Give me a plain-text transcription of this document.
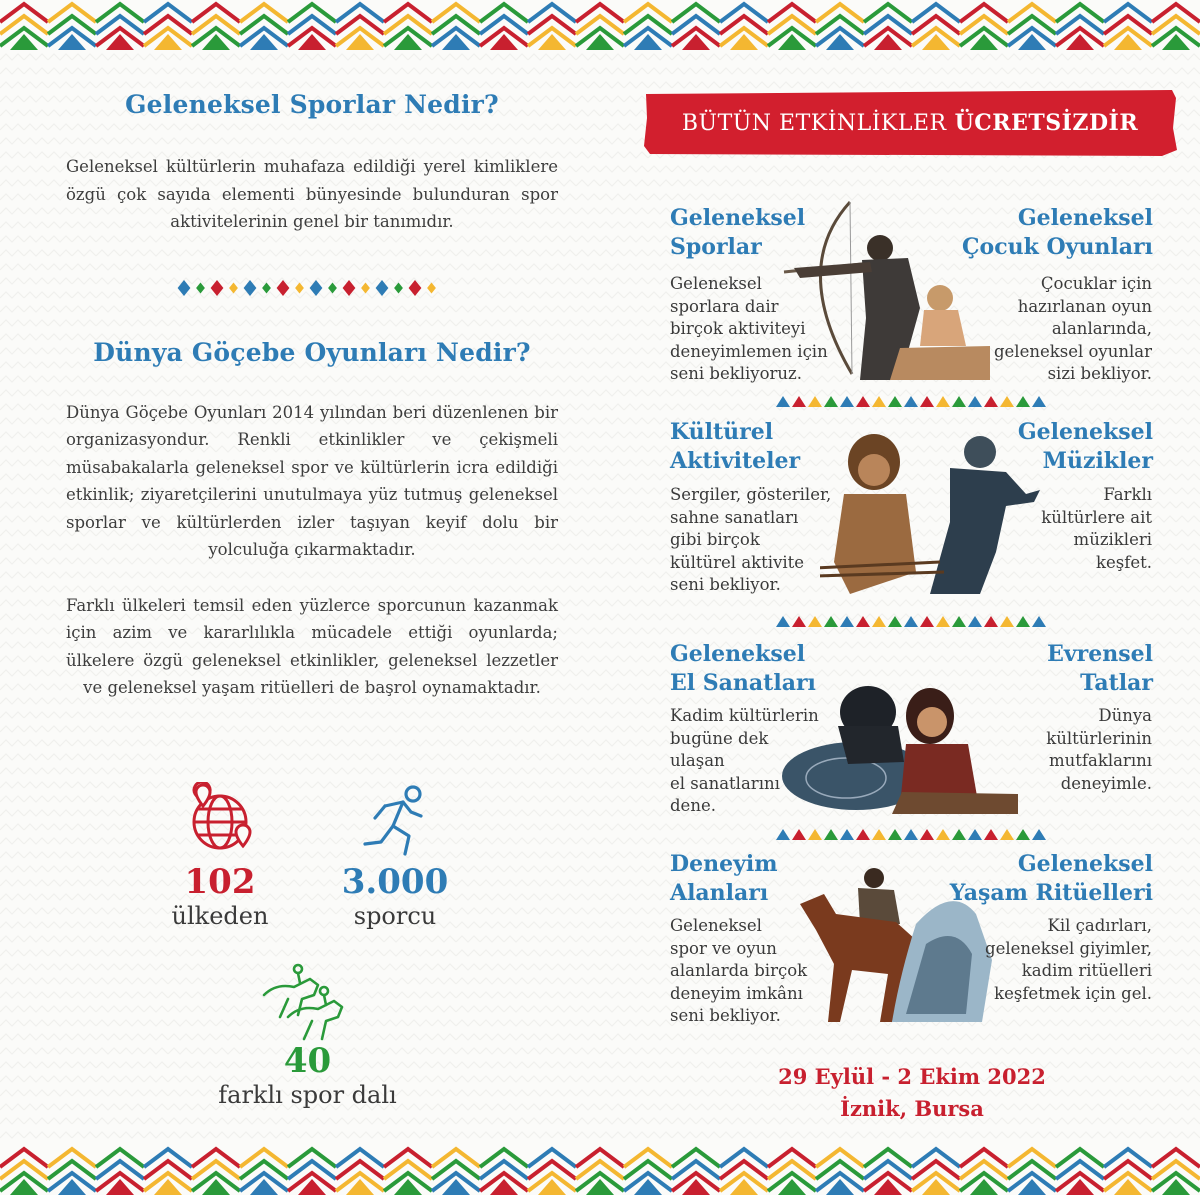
Geleneksel Sporlar Nedir?

Geleneksel kültürlerin muhafaza edildiği yerel kimliklere özgü çok sayıda elementi bünyesinde bulunduran spor aktivitelerinin genel bir tanımıdır.

Dünya Göçebe Oyunları Nedir?

Dünya Göçebe Oyunları 2014 yılından beri düzenlenen bir organizasyondur. Renkli etkinlikler ve çekişmeli müsabakalarla geleneksel spor ve kültürlerin icra edildiği etkinlik; ziyaretçilerini unutulmaya yüz tutmuş geleneksel sporlar ve kültürlerden izler taşıyan keyif dolu bir yolculuğa çıkarmaktadır.

Farklı ülkeleri temsil eden yüzlerce sporcunun kazanmak için azim ve kararlılıkla mücadele ettiği oyunlarda; ülkelere özgü geleneksel etkinlikler, geleneksel lezzetler ve geleneksel yaşam ritüelleri de başrol oynamaktadır.

102
ülkeden
3.000
sporcu
40
farklı spor dalı
BÜTÜN ETKİNLİKLER ÜCRETSİZDİR
Geleneksel
Sporlar
Geleneksel
sporlara dair
birçok aktiviteyi
deneyimlemen için
seni bekliyoruz.
Geleneksel
Çocuk Oyunları
Çocuklar için
hazırlanan oyun
alanlarında,
geleneksel oyunlar
sizi bekliyor.
Kültürel
Aktiviteler
Sergiler, gösteriler,
sahne sanatları
gibi birçok
kültürel aktivite
seni bekliyor.
Geleneksel
Müzikler
Farklı
kültürlere ait
müzikleri
keşfet.
Geleneksel
El Sanatları
Kadim kültürlerin
bugüne dek
ulaşan
el sanatlarını
dene.
Evrensel
Tatlar
Dünya
kültürlerinin
mutfaklarını
deneyimle.
Deneyim
Alanları
Geleneksel
spor ve oyun
alanlarda birçok
deneyim imkânı
seni bekliyor.
Geleneksel
Yaşam Ritüelleri
Kil çadırları,
geleneksel giyimler,
kadim ritüelleri
keşfetmek için gel.
29 Eylül - 2 Ekim 2022
İznik, Bursa
